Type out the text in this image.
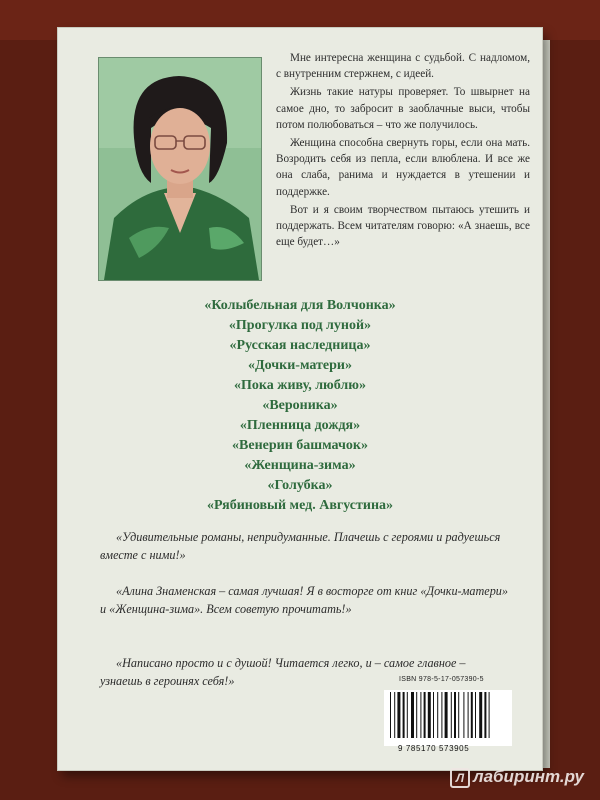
Мне интересна женщина с судьбой. С надломом, с внутренним стержнем, с идеей.

Жизнь такие натуры проверяет. То швырнет на самое дно, то забросит в заоблачные выси, чтобы потом полюбоваться – что же получилось.

Женщина способна свернуть горы, если она мать. Возродить себя из пепла, если влюблена. И все же она слаба, ранима и нуждается в утешении и поддержке.

Вот и я своим творчеством пытаюсь утешить и поддержать. Всем читателям говорю: «А знаешь, все еще будет…»

«Колыбельная для Волчонка»
«Прогулка под луной»
«Русская наследница»
«Дочки-матери»
«Пока живу, люблю»
«Вероника»
«Пленница дождя»
«Венерин башмачок»
«Женщина-зима»
«Голубка»
«Рябиновый мед. Августина»
«Удивительные романы, непридуманные. Плачешь с героями и радуешься вместе с ними!»
«Алина Знаменская – самая лучшая! Я в восторге от книг «Дочки-матери» и «Женщина-зима». Всем советую прочитать!»
«Написано просто и с душой! Читается легко, и – самое главное – узнаешь в героинях себя!»	ISBN 978-5-17-057390-5
9 785170 573905
Л лабиринт.ру
